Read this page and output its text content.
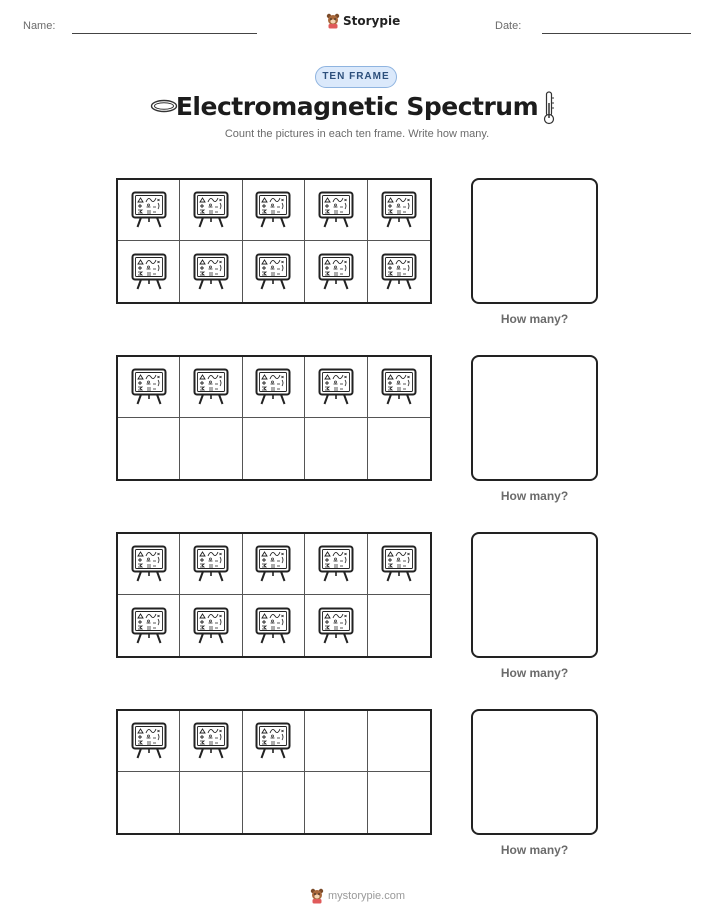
Name:	Storypie	Date:
TEN FRAME
Electromagnetic Spectrum
Count the pictures in each ten frame. Write how many.
How many?
How many?
How many?
How many?
mystorypie.com
